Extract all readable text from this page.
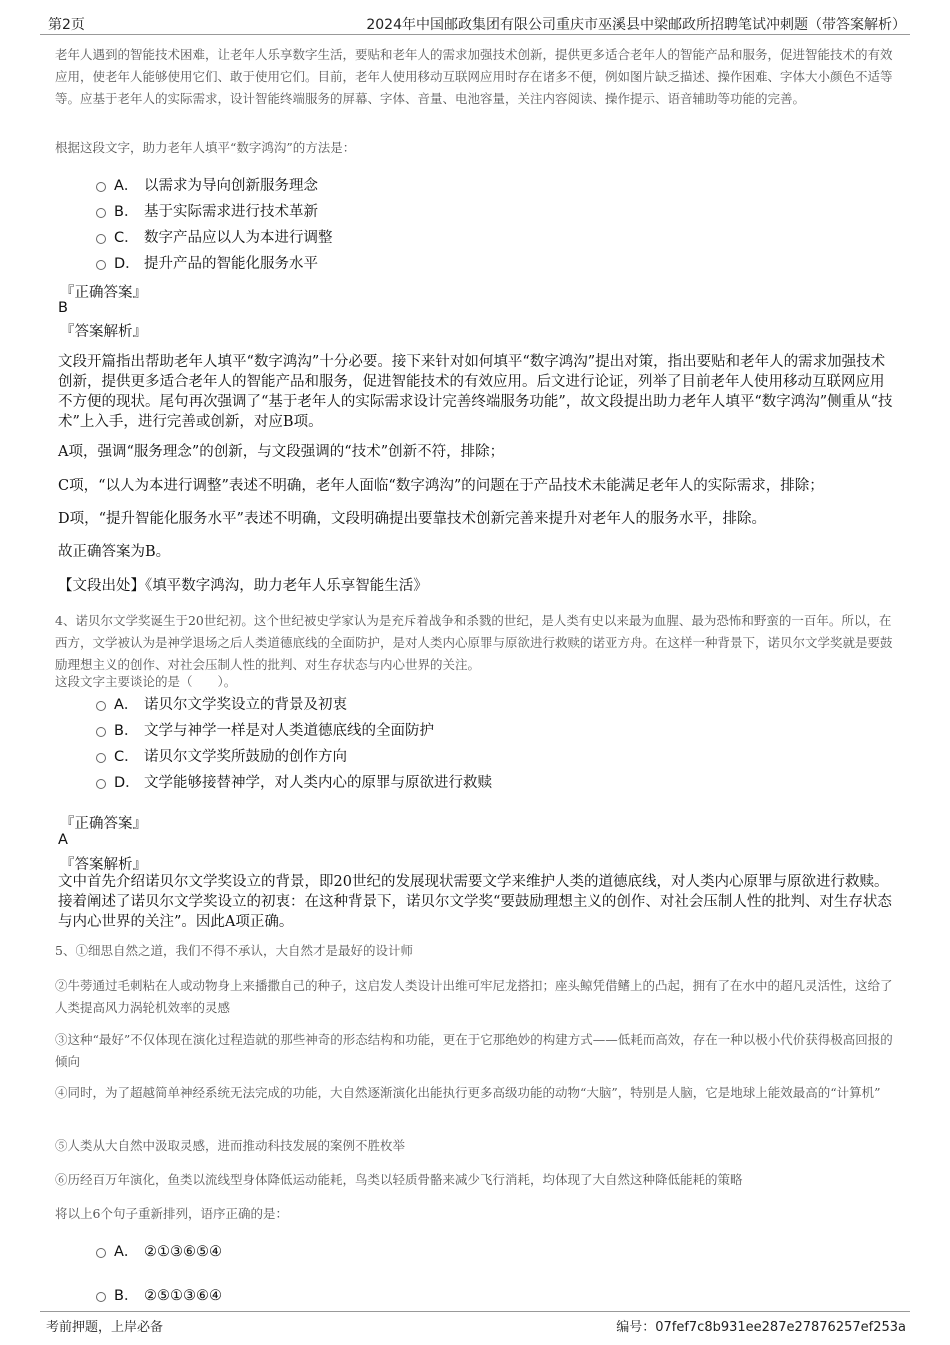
第2页	2024年中国邮政集团有限公司重庆市巫溪县中梁邮政所招聘笔试冲刺题（带答案解析）

老年人遇到的智能技术困难，让老年人乐享数字生活，要贴和老年人的需求加强技术创新，提供更多适合老年人的智能产品和服务，促进智能技术的有效应用，使老年人能够使用它们、敢于使用它们。目前，老年人使用移动互联网应用时存在诸多不便，例如图片缺乏描述、操作困难、字体大小颜色不适等等。应基于老年人的实际需求，设计智能终端服务的屏幕、字体、音量、电池容量，关注内容阅读、操作提示、语音辅助等功能的完善。

根据这段文字，助力老年人填平“数字鸿沟”的方法是：

A． 以需求为导向创新服务理念
B． 基于实际需求进行技术革新
C． 数字产品应以人为本进行调整
D． 提升产品的智能化服务水平
『正确答案』
B
『答案解析』

文段开篇指出帮助老年人填平“数字鸿沟”十分必要。接下来针对如何填平“数字鸿沟”提出对策，指出要贴和老年人的需求加强技术创新，提供更多适合老年人的智能产品和服务，促进智能技术的有效应用。后文进行论证，列举了目前老年人使用移动互联网应用不方便的现状。尾句再次强调了“基于老年人的实际需求设计完善终端服务功能”，故文段提出助力老年人填平“数字鸿沟”侧重从“技术”上入手，进行完善或创新，对应B项。

A项，强调“服务理念”的创新，与文段强调的“技术”创新不符，排除；

C项，“以人为本进行调整”表述不明确，老年人面临“数字鸿沟”的问题在于产品技术未能满足老年人的实际需求，排除；

D项，“提升智能化服务水平”表述不明确，文段明确提出要靠技术创新完善来提升对老年人的服务水平，排除。

故正确答案为B。

【文段出处】《填平数字鸿沟，助力老年人乐享智能生活》

4、诺贝尔文学奖诞生于20世纪初。这个世纪被史学家认为是充斥着战争和杀戮的世纪，是人类有史以来最为血腥、最为恐怖和野蛮的一百年。所以，在西方，文学被认为是神学退场之后人类道德底线的全面防护，是对人类内心原罪与原欲进行救赎的诺亚方舟。在这样一种背景下，诺贝尔文学奖就是要鼓励理想主义的创作、对社会压制人性的批判、对生存状态与内心世界的关注。

这段文字主要谈论的是（　　）。

A． 诺贝尔文学奖设立的背景及初衷
B． 文学与神学一样是对人类道德底线的全面防护
C． 诺贝尔文学奖所鼓励的创作方向
D． 文学能够接替神学，对人类内心的原罪与原欲进行救赎
『正确答案』
A
『答案解析』

文中首先介绍诺贝尔文学奖设立的背景，即20世纪的发展现状需要文学来维护人类的道德底线，对人类内心原罪与原欲进行救赎。接着阐述了诺贝尔文学奖设立的初衷：在这种背景下，诺贝尔文学奖“要鼓励理想主义的创作、对社会压制人性的批判、对生存状态与内心世界的关注”。因此A项正确。

5、①细思自然之道，我们不得不承认，大自然才是最好的设计师

②牛蒡通过毛刺粘在人或动物身上来播撒自己的种子，这启发人类设计出维可牢尼龙搭扣；座头鲸凭借鳍上的凸起，拥有了在水中的超凡灵活性，这给了人类提高风力涡轮机效率的灵感

③这种“最好”不仅体现在演化过程造就的那些神奇的形态结构和功能，更在于它那绝妙的构建方式——低耗而高效，存在一种以极小代价获得极高回报的倾向

④同时，为了超越简单神经系统无法完成的功能，大自然逐渐演化出能执行更多高级功能的动物“大脑”，特别是人脑，它是地球上能效最高的“计算机”

⑤人类从大自然中汲取灵感，进而推动科技发展的案例不胜枚举

⑥历经百万年演化，鱼类以流线型身体降低运动能耗，鸟类以轻质骨骼来减少飞行消耗，均体现了大自然这种降低能耗的策略

将以上6个句子重新排列，语序正确的是：

A． ②①③⑥⑤④
B． ②⑤①③⑥④
考前押题，上岸必备	编号：07fef7c8b931ee287e27876257ef253a
